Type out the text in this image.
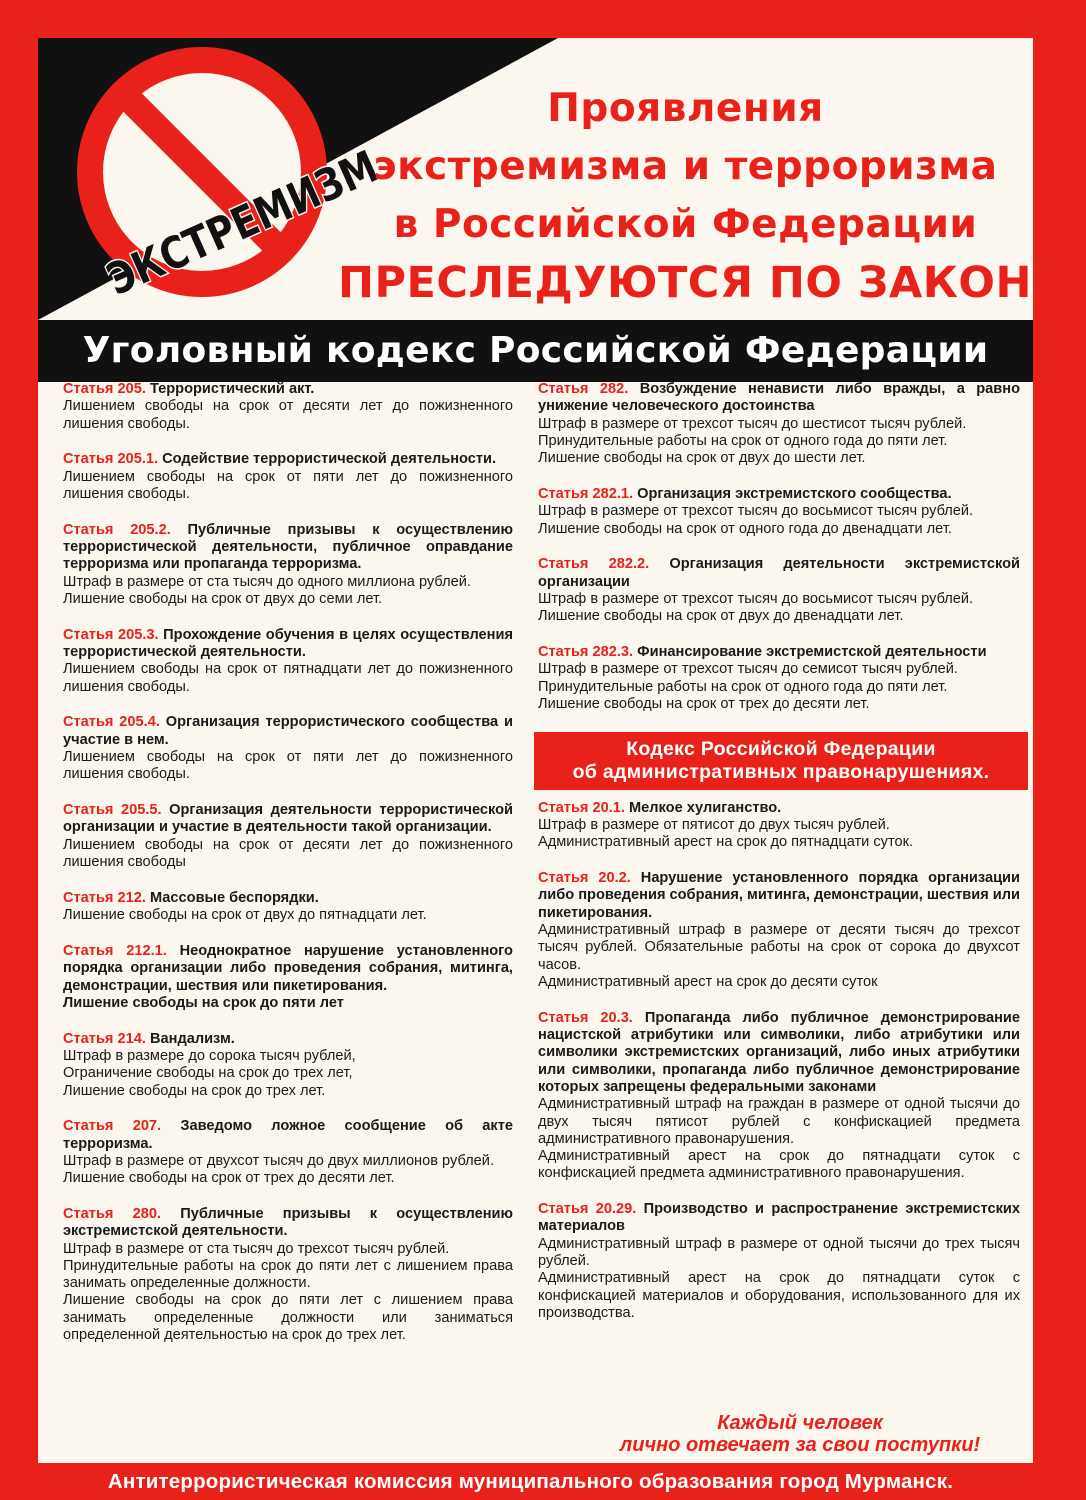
ЭКСТРЕМИЗМ
Проявления
экстремизма и терроризма
в Российской Федерации
ПРЕСЛЕДУЮТСЯ ПО ЗАКОНУ!
Уголовный кодекс Российской Федерации
Статья 205. Террористический акт.
Лишением свободы на срок от десяти лет до пожизненного лишения свободы.
Статья 205.1. Содействие террористической деятельности.
Лишением свободы на срок от пяти лет до пожизненного лишения свободы.
Статья 205.2. Публичные призывы к осуществлению террористической деятельности, публичное оправдание терроризма или пропаганда терроризма.
Штраф в размере от ста тысяч до одного миллиона рублей.
Лишение свободы на срок от двух до семи лет.
Статья 205.3. Прохождение обучения в целях осуществления террористической деятельности.
Лишением свободы на срок от пятнадцати лет до пожизненного лишения свободы.
Статья 205.4. Организация террористического сообщества и участие в нем.
Лишением свободы на срок от пяти лет до пожизненного лишения свободы.
Статья 205.5. Организация деятельности террористической организации и участие в деятельности такой организации.
Лишением свободы на срок от десяти лет до пожизненного лишения свободы
Статья 212. Массовые беспорядки.
Лишение свободы на срок от двух до пятнадцати лет.
Статья 212.1. Неоднократное нарушение установленного порядка организации либо проведения собрания, митинга, демонстрации, шествия или пикетирования.
Лишение свободы на срок до пяти лет
Статья 214. Вандализм.
Штраф в размере до сорока тысяч рублей,
Ограничение свободы на срок до трех лет,
Лишение свободы на срок до трех лет.
Статья 207. Заведомо ложное сообщение об акте терроризма.
Штраф в размере от двухсот тысяч до двух миллионов рублей.
Лишение свободы на срок от трех до десяти лет.
Статья 280. Публичные призывы к осуществлению экстремистской деятельности.
Штраф в размере от ста тысяч до трехсот тысяч рублей.
Принудительные работы на срок до пяти лет с лишением права занимать определенные должности.
Лишение свободы на срок до пяти лет с лишением права занимать определенные должности или заниматься определенной деятельностью на срок до трех лет.
Статья 282. Возбуждение ненависти либо вражды, а равно унижение человеческого достоинства
Штраф в размере от трехсот тысяч до шестисот тысяч рублей.
Принудительные работы на срок от одного года до пяти лет.
Лишение свободы на срок от двух до шести лет.
Статья 282.1. Организация экстремистского сообщества.
Штраф в размере от трехсот тысяч до восьмисот тысяч рублей.
Лишение свободы на срок от одного года до двенадцати лет.
Статья 282.2. Организация деятельности экстремистской организации
Штраф в размере от трехсот тысяч до восьмисот тысяч рублей.
Лишение свободы на срок от двух до двенадцати лет.
Статья 282.3. Финансирование экстремистской деятельности
Штраф в размере от трехсот тысяч до семисот тысяч рублей.
Принудительные работы на срок от одного года до пяти лет.
Лишение свободы на срок от трех до десяти лет.
Кодекс Российской Федерации
об административных правонарушениях.
Статья 20.1. Мелкое хулиганство.
Штраф в размере от пятисот до двух тысяч рублей.
Административный арест на срок до пятнадцати суток.
Статья 20.2. Нарушение установленного порядка организации либо проведения собрания, митинга, демонстрации, шествия или пикетирования.
Административный штраф в размере от десяти тысяч до трехсот тысяч рублей. Обязательные работы на срок от сорока до двухсот часов.
Административный арест на срок до десяти суток
Статья 20.3. Пропаганда либо публичное демонстрирование нацистской атрибутики или символики, либо атрибутики или символики экстремистских организаций, либо иных атрибутики или символики, пропаганда либо публичное демонстрирование которых запрещены федеральными законами
Административный штраф на граждан в размере от одной тысячи до двух тысяч пятисот рублей с конфискацией предмета административного правонарушения.
Административный арест на срок до пятнадцати суток с конфискацией предмета административного правонарушения.
Статья 20.29. Производство и распространение экстремистских материалов
Административный штраф в размере от одной тысячи до трех тысяч рублей.
Административный арест на срок до пятнадцати суток с конфискацией материалов и оборудования, использованного для их производства.
Каждый человек
лично отвечает за свои поступки!
Антитеррористическая комиссия муниципального образования город Мурманск.
